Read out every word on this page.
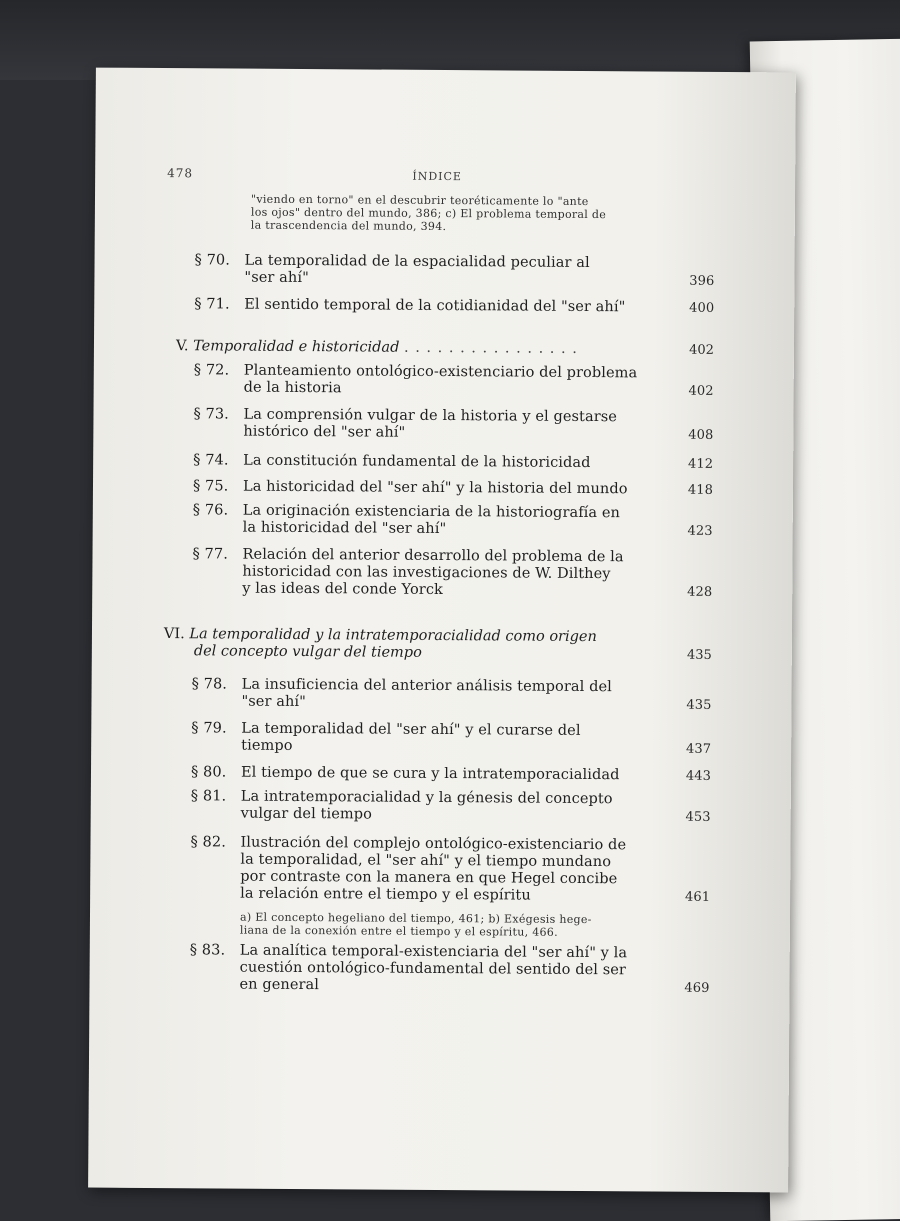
478	ÍNDICE
"viendo en torno" en el descubrir teoréticamente lo "ante
los ojos" dentro del mundo, 386; c) El problema temporal de
la trascendencia del mundo, 394.
§ 70. La temporalidad de la espacialidad peculiar al
"ser ahí"	396
§ 71. El sentido temporal de la cotidianidad del "ser ahí"	400
V. Temporalidad e historicidad . . . . . . . . . . . . . . . .	402
§ 72. Planteamiento ontológico-existenciario del problema
de la historia	402
§ 73. La comprensión vulgar de la historia y el gestarse
histórico del "ser ahí"	408
§ 74. La constitución fundamental de la historicidad	412
§ 75. La historicidad del "ser ahí" y la historia del mundo	418
§ 76. La originación existenciaria de la historiografía en
la historicidad del "ser ahí"	423
§ 77. Relación del anterior desarrollo del problema de la
historicidad con las investigaciones de W. Dilthey
y las ideas del conde Yorck	428
VI. La temporalidad y la intratemporacialidad como origen
del concepto vulgar del tiempo	435
§ 78. La insuficiencia del anterior análisis temporal del
"ser ahí"	435
§ 79. La temporalidad del "ser ahí" y el curarse del
tiempo	437
§ 80. El tiempo de que se cura y la intratemporacialidad	443
§ 81. La intratemporacialidad y la génesis del concepto
vulgar del tiempo	453
§ 82. Ilustración del complejo ontológico-existenciario de
la temporalidad, el "ser ahí" y el tiempo mundano
por contraste con la manera en que Hegel concibe
la relación entre el tiempo y el espíritu	461
a) El concepto hegeliano del tiempo, 461; b) Exégesis hege-
liana de la conexión entre el tiempo y el espíritu, 466.
§ 83. La analítica temporal-existenciaria del "ser ahí" y la
cuestión ontológico-fundamental del sentido del ser
en general	469
